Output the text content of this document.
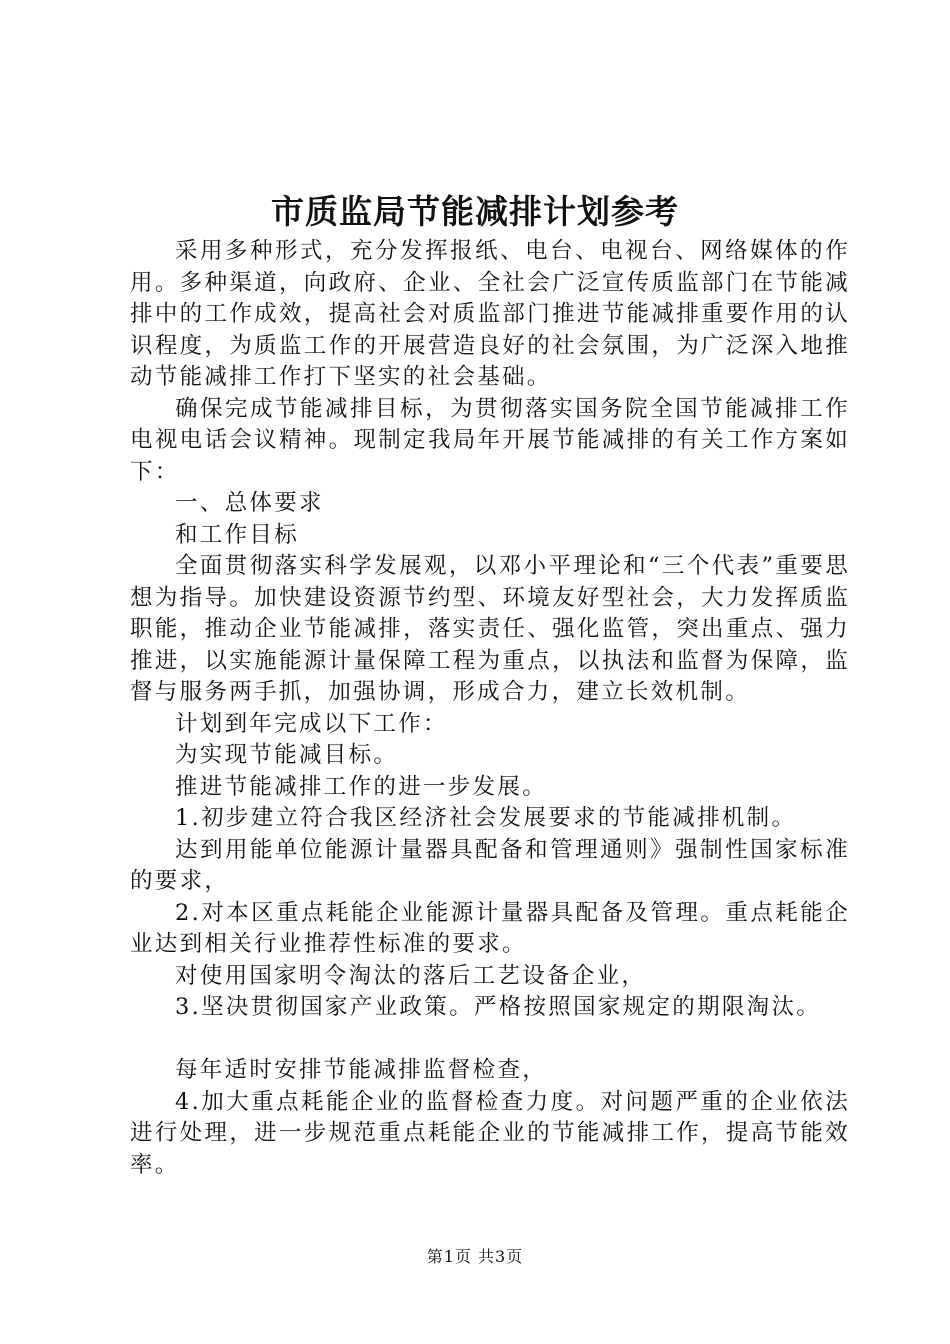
市质监局节能减排计划参考

采用多种形式，充分发挥报纸、电台、电视台、网络媒体的作用。多种渠道，向政府、企业、全社会广泛宣传质监部门在节能减排中的工作成效，提高社会对质监部门推进节能减排重要作用的认识程度，为质监工作的开展营造良好的社会氛围，为广泛深入地推动节能减排工作打下坚实的社会基础。

确保完成节能减排目标，为贯彻落实国务院全国节能减排工作电视电话会议精神。现制定我局年开展节能减排的有关工作方案如下：

一、总体要求

和工作目标

全面贯彻落实科学发展观，以邓小平理论和“三个代表”重要思想为指导。加快建设资源节约型、环境友好型社会，大力发挥质监职能，推动企业节能减排，落实责任、强化监管，突出重点、强力推进，以实施能源计量保障工程为重点，以执法和监督为保障，监督与服务两手抓，加强协调，形成合力，建立长效机制。

计划到年完成以下工作：

为实现节能减目标。

推进节能减排工作的进一步发展。

1.初步建立符合我区经济社会发展要求的节能减排机制。

达到用能单位能源计量器具配备和管理通则》强制性国家标准的要求，

2.对本区重点耗能企业能源计量器具配备及管理。重点耗能企业达到相关行业推荐性标准的要求。

对使用国家明令淘汰的落后工艺设备企业，

3.坚决贯彻国家产业政策。严格按照国家规定的期限淘汰。

每年适时安排节能减排监督检查，

4.加大重点耗能企业的监督检查力度。对问题严重的企业依法进行处理，进一步规范重点耗能企业的节能减排工作，提高节能效率。

第1页 共3页
